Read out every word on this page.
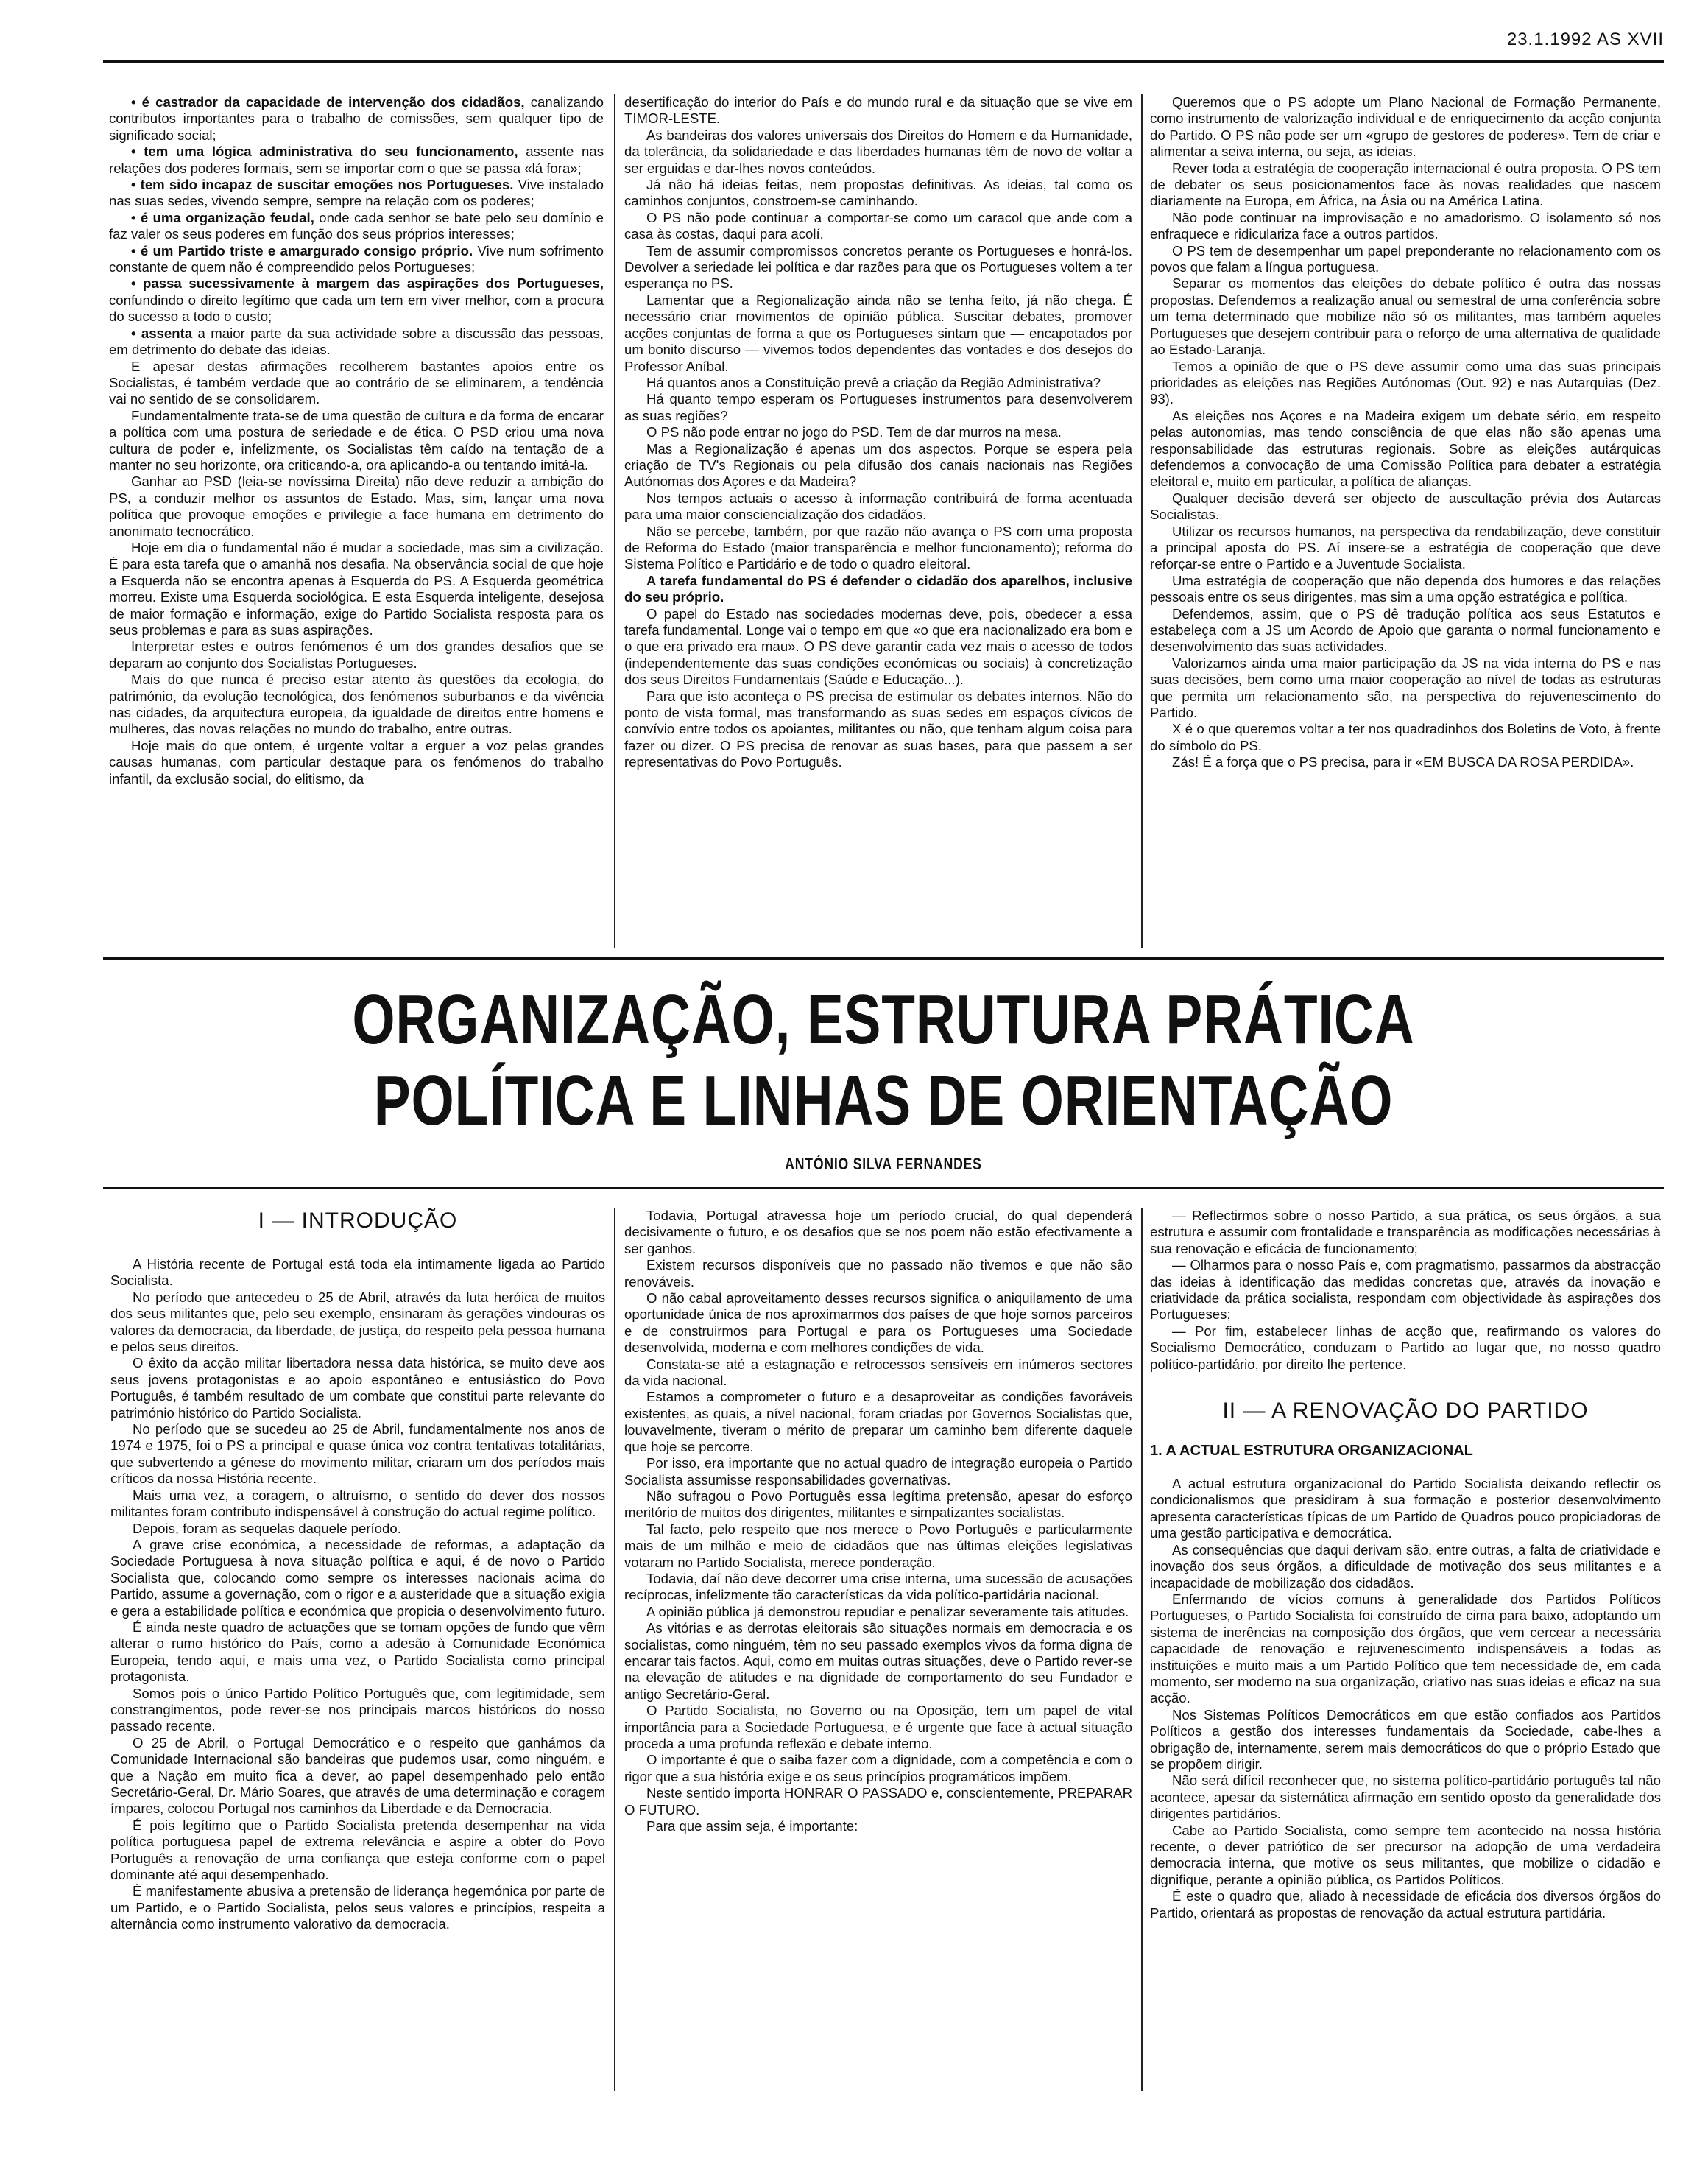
23.1.1992 AS XVII

• é castrador da capacidade de intervenção dos cidadãos, canalizando contributos importantes para o trabalho de comissões, sem qualquer tipo de significado social;

• tem uma lógica administrativa do seu funcionamento, assente nas relações dos poderes formais, sem se importar com o que se passa «lá fora»;

• tem sido incapaz de suscitar emoções nos Portugueses. Vive instalado nas suas sedes, vivendo sempre, sempre na relação com os poderes;

• é uma organização feudal, onde cada senhor se bate pelo seu domínio e faz valer os seus poderes em função dos seus próprios interesses;

• é um Partido triste e amargurado consigo próprio. Vive num sofrimento constante de quem não é compreendido pelos Portugueses;

• passa sucessivamente à margem das aspirações dos Portugueses, confundindo o direito legítimo que cada um tem em viver melhor, com a procura do sucesso a todo o custo;

• assenta a maior parte da sua actividade sobre a discussão das pessoas, em detrimento do debate das ideias.

E apesar destas afirmações recolherem bastantes apoios entre os Socialistas, é também verdade que ao contrário de se eliminarem, a tendência vai no sentido de se consolidarem.

Fundamentalmente trata-se de uma questão de cultura e da forma de encarar a política com uma postura de seriedade e de ética. O PSD criou uma nova cultura de poder e, infelizmente, os Socialistas têm caído na tentação de a manter no seu horizonte, ora criticando-a, ora aplicando-a ou tentando imitá-la.

Ganhar ao PSD (leia-se novíssima Direita) não deve reduzir a ambição do PS, a conduzir melhor os assuntos de Estado. Mas, sim, lançar uma nova política que provoque emoções e privilegie a face humana em detrimento do anonimato tecnocrático.

Hoje em dia o fundamental não é mudar a sociedade, mas sim a civilização. É para esta tarefa que o amanhã nos desafia. Na observância social de que hoje a Esquerda não se encontra apenas à Esquerda do PS. A Esquerda geométrica morreu. Existe uma Esquerda sociológica. E esta Esquerda inteligente, desejosa de maior formação e informação, exige do Partido Socialista resposta para os seus problemas e para as suas aspirações.

Interpretar estes e outros fenómenos é um dos grandes desafios que se deparam ao conjunto dos Socialistas Portugueses.

Mais do que nunca é preciso estar atento às questões da ecologia, do património, da evolução tecnológica, dos fenómenos suburbanos e da vivência nas cidades, da arquitectura europeia, da igualdade de direitos entre homens e mulheres, das novas relações no mundo do trabalho, entre outras.

Hoje mais do que ontem, é urgente voltar a erguer a voz pelas grandes causas humanas, com particular destaque para os fenómenos do trabalho infantil, da exclusão social, do elitismo, da

desertificação do interior do País e do mundo rural e da situação que se vive em TIMOR-LESTE.

As bandeiras dos valores universais dos Direitos do Homem e da Humanidade, da tolerância, da solidariedade e das liberdades humanas têm de novo de voltar a ser erguidas e dar-lhes novos conteúdos.

Já não há ideias feitas, nem propostas definitivas. As ideias, tal como os caminhos conjuntos, constroem-se caminhando.

O PS não pode continuar a comportar-se como um caracol que ande com a casa às costas, daqui para acolí.

Tem de assumir compromissos concretos perante os Portugueses e honrá-los. Devolver a seriedade lei política e dar razões para que os Portugueses voltem a ter esperança no PS.

Lamentar que a Regionalização ainda não se tenha feito, já não chega. É necessário criar movimentos de opinião pública. Suscitar debates, promover acções conjuntas de forma a que os Portugueses sintam que — encapotados por um bonito discurso — vivemos todos dependentes das vontades e dos desejos do Professor Aníbal.

Há quantos anos a Constituição prevê a criação da Região Administrativa?

Há quanto tempo esperam os Portugueses instrumentos para desenvolverem as suas regiões?

O PS não pode entrar no jogo do PSD. Tem de dar murros na mesa.

Mas a Regionalização é apenas um dos aspectos. Porque se espera pela criação de TV's Regionais ou pela difusão dos canais nacionais nas Regiões Autónomas dos Açores e da Madeira?

Nos tempos actuais o acesso à informação contribuirá de forma acentuada para uma maior consciencialização dos cidadãos.

Não se percebe, também, por que razão não avança o PS com uma proposta de Reforma do Estado (maior transparência e melhor funcionamento); reforma do Sistema Político e Partidário e de todo o quadro eleitoral.

A tarefa fundamental do PS é defender o cidadão dos aparelhos, inclusive do seu próprio.

O papel do Estado nas sociedades modernas deve, pois, obedecer a essa tarefa fundamental. Longe vai o tempo em que «o que era nacionalizado era bom e o que era privado era mau». O PS deve garantir cada vez mais o acesso de todos (independentemente das suas condições económicas ou sociais) à concretização dos seus Direitos Fundamentais (Saúde e Educação...).

Para que isto aconteça o PS precisa de estimular os debates internos. Não do ponto de vista formal, mas transformando as suas sedes em espaços cívicos de convívio entre todos os apoiantes, militantes ou não, que tenham algum coisa para fazer ou dizer. O PS precisa de renovar as suas bases, para que passem a ser representativas do Povo Português.

Queremos que o PS adopte um Plano Nacional de Formação Permanente, como instrumento de valorização individual e de enriquecimento da acção conjunta do Partido. O PS não pode ser um «grupo de gestores de poderes». Tem de criar e alimentar a seiva interna, ou seja, as ideias.

Rever toda a estratégia de cooperação internacional é outra proposta. O PS tem de debater os seus posicionamentos face às novas realidades que nascem diariamente na Europa, em África, na Ásia ou na América Latina.

Não pode continuar na improvisação e no amadorismo. O isolamento só nos enfraquece e ridiculariza face a outros partidos.

O PS tem de desempenhar um papel preponderante no relacionamento com os povos que falam a língua portuguesa.

Separar os momentos das eleições do debate político é outra das nossas propostas. Defendemos a realização anual ou semestral de uma conferência sobre um tema determinado que mobilize não só os militantes, mas também aqueles Portugueses que desejem contribuir para o reforço de uma alternativa de qualidade ao Estado-Laranja.

Temos a opinião de que o PS deve assumir como uma das suas principais prioridades as eleições nas Regiões Autónomas (Out. 92) e nas Autarquias (Dez. 93).

As eleições nos Açores e na Madeira exigem um debate sério, em respeito pelas autonomias, mas tendo consciência de que elas não são apenas uma responsabilidade das estruturas regionais. Sobre as eleições autárquicas defendemos a convocação de uma Comissão Política para debater a estratégia eleitoral e, muito em particular, a política de alianças.

Qualquer decisão deverá ser objecto de auscultação prévia dos Autarcas Socialistas.

Utilizar os recursos humanos, na perspectiva da rendabilização, deve constituir a principal aposta do PS. Aí insere-se a estratégia de cooperação que deve reforçar-se entre o Partido e a Juventude Socialista.

Uma estratégia de cooperação que não dependa dos humores e das relações pessoais entre os seus dirigentes, mas sim a uma opção estratégica e política.

Defendemos, assim, que o PS dê tradução política aos seus Estatutos e estabeleça com a JS um Acordo de Apoio que garanta o normal funcionamento e desenvolvimento das suas actividades.

Valorizamos ainda uma maior participação da JS na vida interna do PS e nas suas decisões, bem como uma maior cooperação ao nível de todas as estruturas que permita um relacionamento são, na perspectiva do rejuvenescimento do Partido.

X é o que queremos voltar a ter nos quadradinhos dos Boletins de Voto, à frente do símbolo do PS.

Zás! É a força que o PS precisa, para ir «EM BUSCA DA ROSA PERDIDA».

ORGANIZAÇÃO, ESTRUTURA PRÁTICA
POLÍTICA E LINHAS DE ORIENTAÇÃO
ANTÓNIO SILVA FERNANDES
I — INTRODUÇÃO

A História recente de Portugal está toda ela intimamente ligada ao Partido Socialista.

No período que antecedeu o 25 de Abril, através da luta heróica de muitos dos seus militantes que, pelo seu exemplo, ensinaram às gerações vindouras os valores da democracia, da liberdade, de justiça, do respeito pela pessoa humana e pelos seus direitos.

O êxito da acção militar libertadora nessa data histórica, se muito deve aos seus jovens protagonistas e ao apoio espontâneo e entusiástico do Povo Português, é também resultado de um combate que constitui parte relevante do património histórico do Partido Socialista.

No período que se sucedeu ao 25 de Abril, fundamentalmente nos anos de 1974 e 1975, foi o PS a principal e quase única voz contra tentativas totalitárias, que subvertendo a génese do movimento militar, criaram um dos períodos mais críticos da nossa História recente.

Mais uma vez, a coragem, o altruísmo, o sentido do dever dos nossos militantes foram contributo indispensável à construção do actual regime político.

Depois, foram as sequelas daquele período.

A grave crise económica, a necessidade de reformas, a adaptação da Sociedade Portuguesa à nova situação política e aqui, é de novo o Partido Socialista que, colocando como sempre os interesses nacionais acima do Partido, assume a governação, com o rigor e a austeridade que a situação exigia e gera a estabilidade política e económica que propicia o desenvolvimento futuro.

É ainda neste quadro de actuações que se tomam opções de fundo que vêm alterar o rumo histórico do País, como a adesão à Comunidade Económica Europeia, tendo aqui, e mais uma vez, o Partido Socialista como principal protagonista.

Somos pois o único Partido Político Português que, com legitimidade, sem constrangimentos, pode rever-se nos principais marcos históricos do nosso passado recente.

O 25 de Abril, o Portugal Democrático e o respeito que ganhámos da Comunidade Internacional são bandeiras que pudemos usar, como ninguém, e que a Nação em muito fica a dever, ao papel desempenhado pelo então Secretário-Geral, Dr. Mário Soares, que através de uma determinação e coragem ímpares, colocou Portugal nos caminhos da Liberdade e da Democracia.

É pois legítimo que o Partido Socialista pretenda desempenhar na vida política portuguesa papel de extrema relevância e aspire a obter do Povo Português a renovação de uma confiança que esteja conforme com o papel dominante até aqui desempenhado.

É manifestamente abusiva a pretensão de liderança hegemónica por parte de um Partido, e o Partido Socialista, pelos seus valores e princípios, respeita a alternância como instrumento valorativo da democracia.

Todavia, Portugal atravessa hoje um período crucial, do qual dependerá decisivamente o futuro, e os desafios que se nos poem não estão efectivamente a ser ganhos.

Existem recursos disponíveis que no passado não tivemos e que não são renováveis.

O não cabal aproveitamento desses recursos significa o aniquilamento de uma oportunidade única de nos aproximarmos dos países de que hoje somos parceiros e de construirmos para Portugal e para os Portugueses uma Sociedade desenvolvida, moderna e com melhores condições de vida.

Constata-se até a estagnação e retrocessos sensíveis em inúmeros sectores da vida nacional.

Estamos a comprometer o futuro e a desaproveitar as condições favoráveis existentes, as quais, a nível nacional, foram criadas por Governos Socialistas que, louvavelmente, tiveram o mérito de preparar um caminho bem diferente daquele que hoje se percorre.

Por isso, era importante que no actual quadro de integração europeia o Partido Socialista assumisse responsabilidades governativas.

Não sufragou o Povo Português essa legítima pretensão, apesar do esforço meritório de muitos dos dirigentes, militantes e simpatizantes socialistas.

Tal facto, pelo respeito que nos merece o Povo Português e particularmente mais de um milhão e meio de cidadãos que nas últimas eleições legislativas votaram no Partido Socialista, merece ponderação.

Todavia, daí não deve decorrer uma crise interna, uma sucessão de acusações recíprocas, infelizmente tão características da vida político-partidária nacional.

A opinião pública já demonstrou repudiar e penalizar severamente tais atitudes.

As vitórias e as derrotas eleitorais são situações normais em democracia e os socialistas, como ninguém, têm no seu passado exemplos vivos da forma digna de encarar tais factos. Aqui, como em muitas outras situações, deve o Partido rever-se na elevação de atitudes e na dignidade de comportamento do seu Fundador e antigo Secretário-Geral.

O Partido Socialista, no Governo ou na Oposição, tem um papel de vital importância para a Sociedade Portuguesa, e é urgente que face à actual situação proceda a uma profunda reflexão e debate interno.

O importante é que o saiba fazer com a dignidade, com a competência e com o rigor que a sua história exige e os seus princípios programáticos impõem.

Neste sentido importa HONRAR O PASSADO e, conscientemente, PREPARAR O FUTURO.

Para que assim seja, é importante:

— Reflectirmos sobre o nosso Partido, a sua prática, os seus órgãos, a sua estrutura e assumir com frontalidade e transparência as modificações necessárias à sua renovação e eficácia de funcionamento;

— Olharmos para o nosso País e, com pragmatismo, passarmos da abstracção das ideias à identificação das medidas concretas que, através da inovação e criatividade da prática socialista, respondam com objectividade às aspirações dos Portugueses;

— Por fim, estabelecer linhas de acção que, reafirmando os valores do Socialismo Democrático, conduzam o Partido ao lugar que, no nosso quadro político-partidário, por direito lhe pertence.

II — A RENOVAÇÃO DO PARTIDO
1. A ACTUAL ESTRUTURA ORGANIZACIONAL

A actual estrutura organizacional do Partido Socialista deixando reflectir os condicionalismos que presidiram à sua formação e posterior desenvolvimento apresenta características típicas de um Partido de Quadros pouco propiciadoras de uma gestão participativa e democrática.

As consequências que daqui derivam são, entre outras, a falta de criatividade e inovação dos seus órgãos, a dificuldade de motivação dos seus militantes e a incapacidade de mobilização dos cidadãos.

Enfermando de vícios comuns à generalidade dos Partidos Políticos Portugueses, o Partido Socialista foi construído de cima para baixo, adoptando um sistema de inerências na composição dos órgãos, que vem cercear a necessária capacidade de renovação e rejuvenescimento indispensáveis a todas as instituições e muito mais a um Partido Político que tem necessidade de, em cada momento, ser moderno na sua organização, criativo nas suas ideias e eficaz na sua acção.

Nos Sistemas Políticos Democráticos em que estão confiados aos Partidos Políticos a gestão dos interesses fundamentais da Sociedade, cabe-lhes a obrigação de, internamente, serem mais democráticos do que o próprio Estado que se propõem dirigir.

Não será difícil reconhecer que, no sistema político-partidário português tal não acontece, apesar da sistemática afirmação em sentido oposto da generalidade dos dirigentes partidários.

Cabe ao Partido Socialista, como sempre tem acontecido na nossa história recente, o dever patriótico de ser precursor na adopção de uma verdadeira democracia interna, que motive os seus militantes, que mobilize o cidadão e dignifique, perante a opinião pública, os Partidos Políticos.

É este o quadro que, aliado à necessidade de eficácia dos diversos órgãos do Partido, orientará as propostas de renovação da actual estrutura partidária.
